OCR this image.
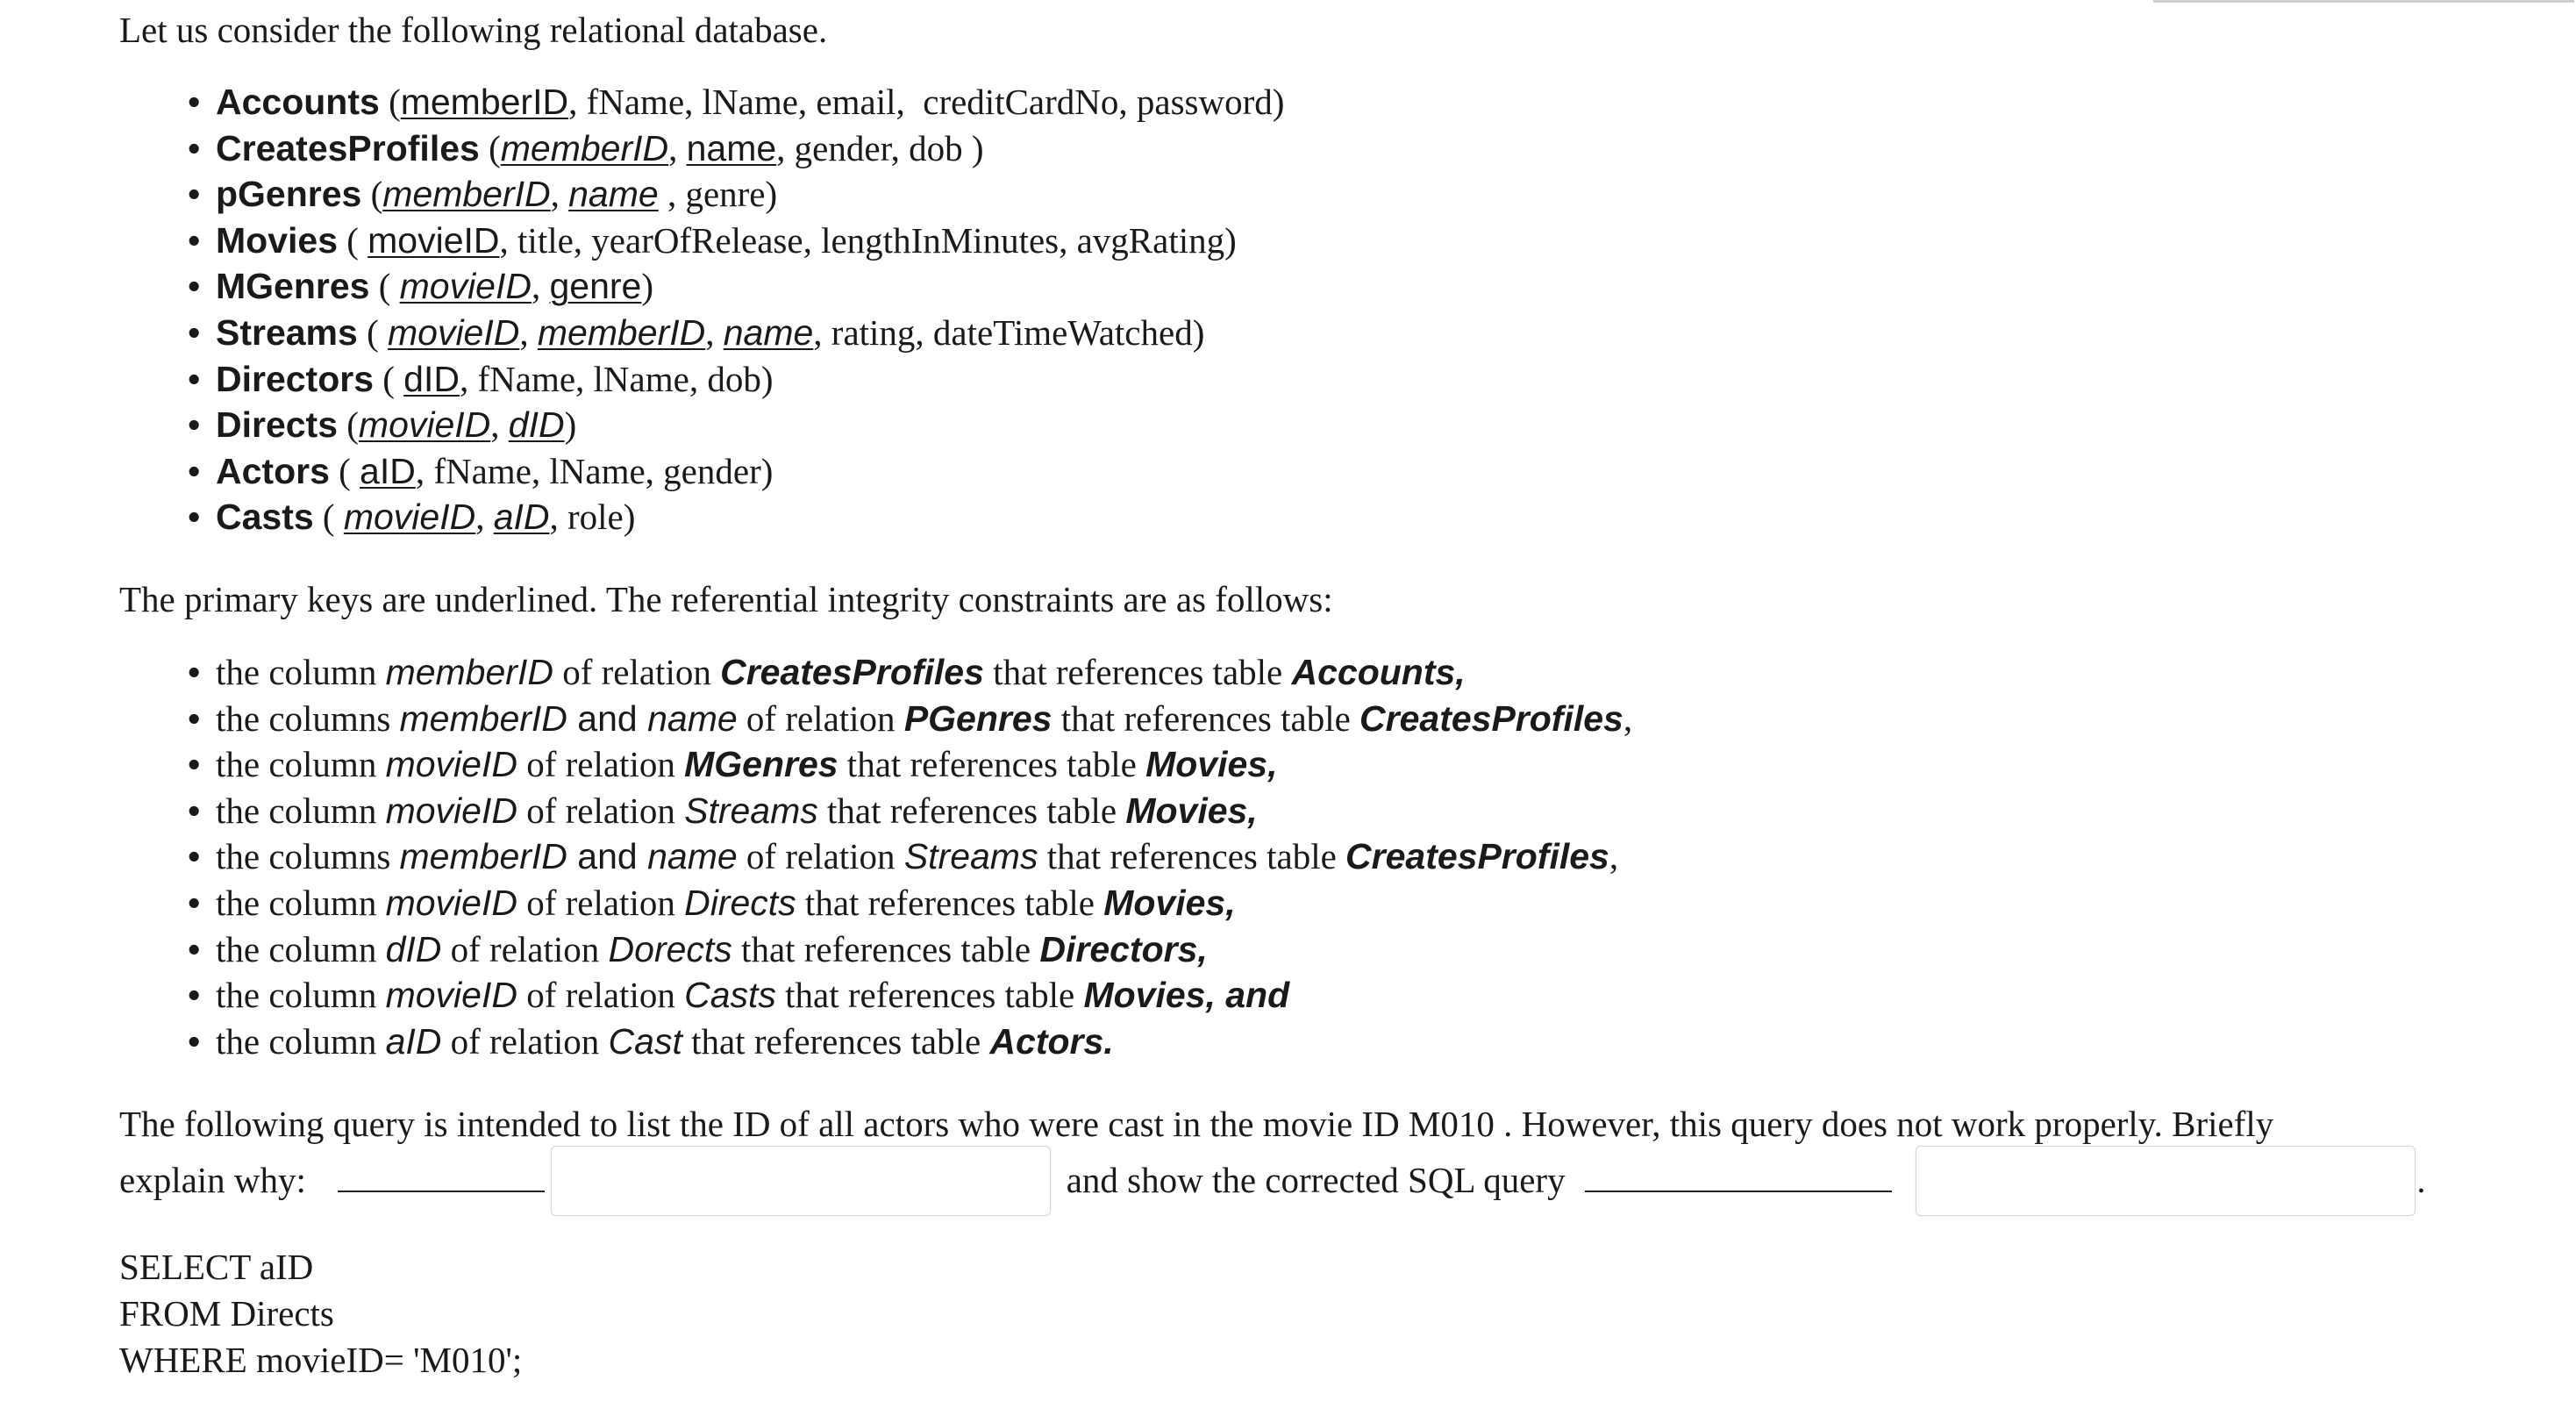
Let us consider the following relational database.

• Accounts (memberID, fName, lName, email,  creditCardNo, password)
• CreatesProfiles (memberID, name, gender, dob )
• pGenres (memberID, name , genre)
• Movies ( movieID, title, yearOfRelease, lengthInMinutes, avgRating)
• MGenres ( movieID, genre)
• Streams ( movieID, memberID, name, rating, dateTimeWatched)
• Directors ( dID, fName, lName, dob)
• Directs (movieID, dID)
• Actors ( aID, fName, lName, gender)
• Casts ( movieID, aID, role)

The primary keys are underlined. The referential integrity constraints are as follows:

• the column memberID of relation CreatesProfiles that references table Accounts,
• the columns memberID and name of relation PGenres that references table CreatesProfiles,
• the column movieID of relation MGenres that references table Movies,
• the column movieID of relation Streams that references table Movies,
• the columns memberID and name of relation Streams that references table CreatesProfiles,
• the column movieID of relation Directs that references table Movies,
• the column dID of relation Dorects that references table Directors,
• the column movieID of relation Casts that references table Movies, and
• the column aID of relation Cast that references table Actors.

The following query is intended to list the ID of all actors who were cast in the movie ID M010 . However, this query does not work properly. Briefly

explain why:	and show the corrected SQL query	.
SELECT aID
FROM Directs
WHERE movieID= 'M010';
